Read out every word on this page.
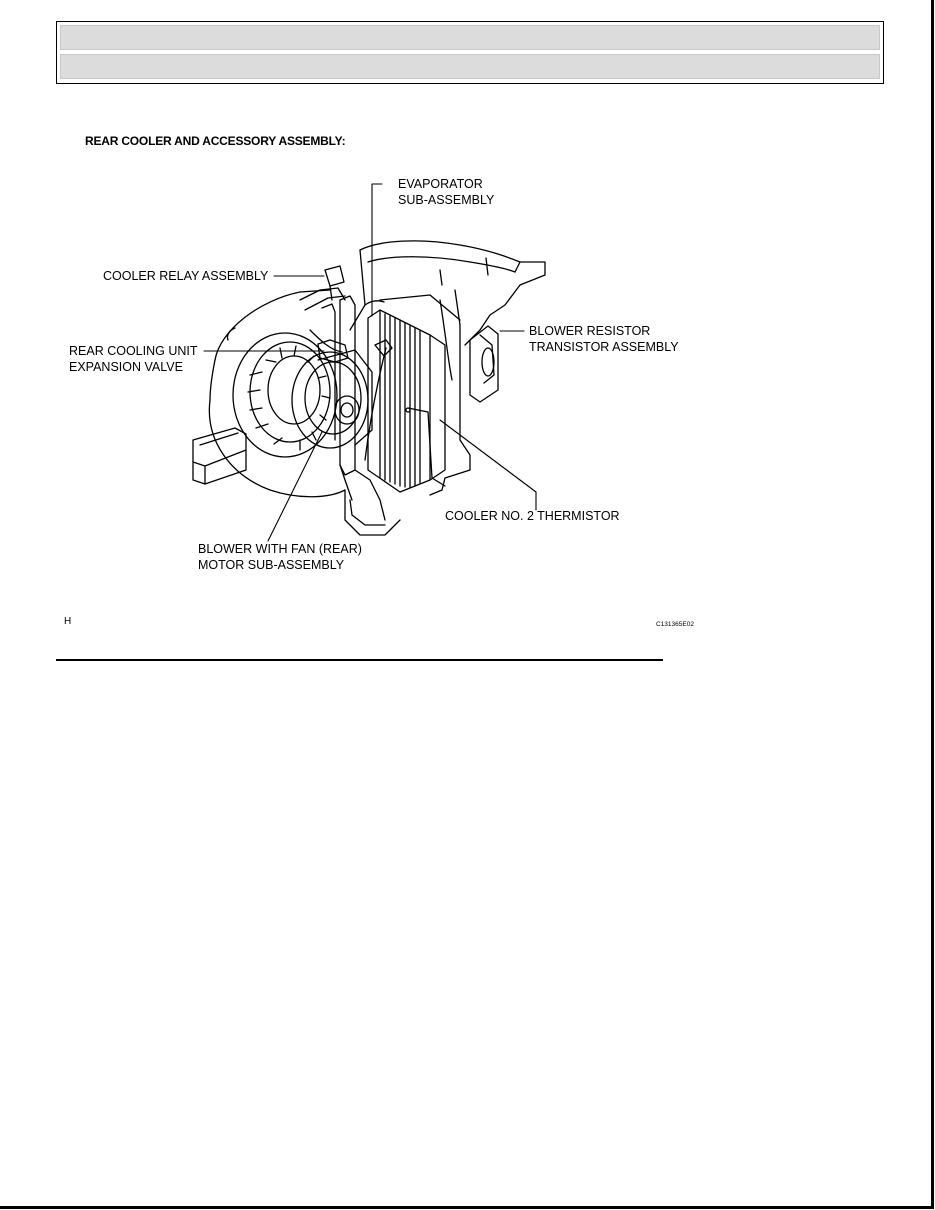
REAR COOLER AND ACCESSORY ASSEMBLY:
EVAPORATOR
SUB-ASSEMBLY
COOLER RELAY ASSEMBLY
BLOWER RESISTOR
TRANSISTOR ASSEMBLY
REAR COOLING UNIT
EXPANSION VALVE
COOLER NO. 2 THERMISTOR
BLOWER WITH FAN (REAR)
MOTOR SUB-ASSEMBLY
H	C131365E02
